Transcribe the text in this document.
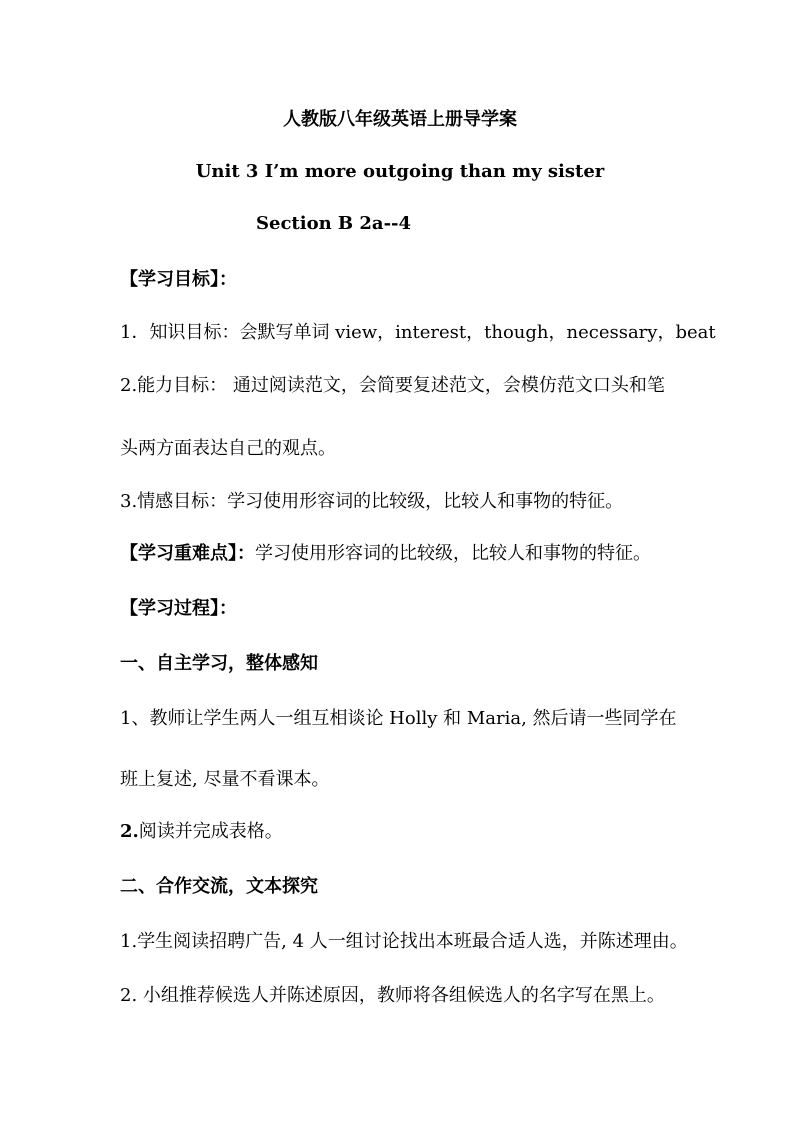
人教版八年级英语上册导学案
Unit 3 I’m more outgoing than my sister
Section B 2a--4
【学习目标】：
1．知识目标：会默写单词 view，interest，though，necessary，beat
2.能力目标： 通过阅读范文，会简要复述范文，会模仿范文口头和笔
头两方面表达自己的观点。
3.情感目标：学习使用形容词的比较级，比较人和事物的特征。
【学习重难点】：学习使用形容词的比较级，比较人和事物的特征。
【学习过程】：
一、自主学习，整体感知
1、教师让学生两人一组互相谈论 Holly 和 Maria, 然后请一些同学在
班上复述, 尽量不看课本。
2.阅读并完成表格。
二、合作交流，文本探究
1.学生阅读招聘广告, 4 人一组讨论找出本班最合适人选，并陈述理由。
2. 小组推荐候选人并陈述原因，教师将各组候选人的名字写在黑上。
